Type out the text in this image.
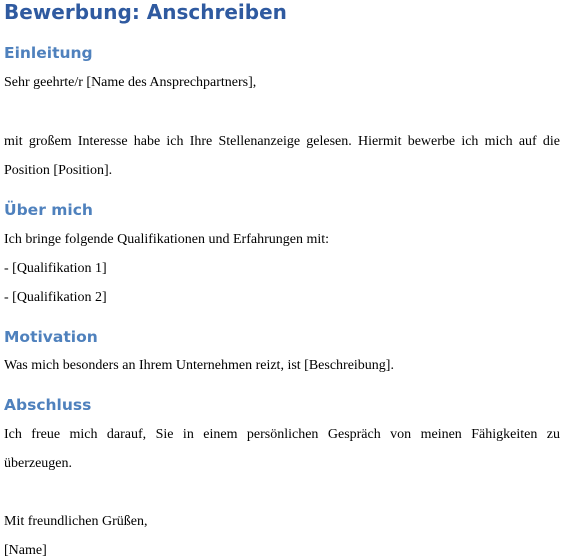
Bewerbung: Anschreiben
Einleitung

Sehr geehrte/r [Name des Ansprechpartners],

mit großem Interesse habe ich Ihre Stellenanzeige gelesen. Hiermit bewerbe ich mich auf die

Position [Position].

Über mich

Ich bringe folgende Qualifikationen und Erfahrungen mit:

- [Qualifikation 1]

- [Qualifikation 2]

Motivation

Was mich besonders an Ihrem Unternehmen reizt, ist [Beschreibung].

Abschluss

Ich freue mich darauf, Sie in einem persönlichen Gespräch von meinen Fähigkeiten zu

überzeugen.

Mit freundlichen Grüßen,

[Name]
